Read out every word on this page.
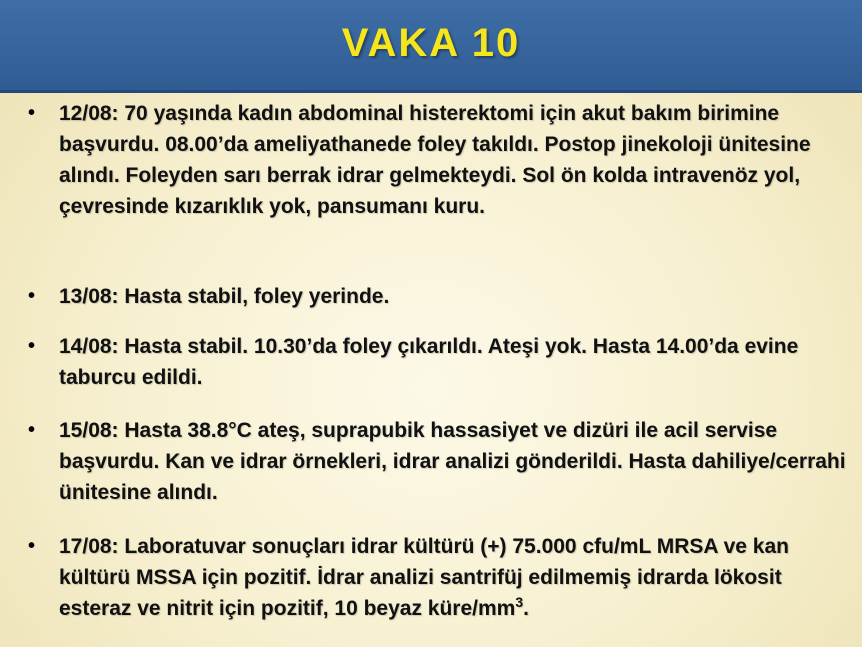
VAKA 10
• 12/08: 70 yaşında kadın abdominal histerektomi için akut bakım birimine başvurdu. 08.00’da ameliyathanede foley takıldı. Postop jinekoloji ünitesine alındı. Foleyden sarı berrak idrar gelmekteydi. Sol ön kolda intravenöz yol, çevresinde kızarıklık yok, pansumanı kuru.
• 13/08: Hasta stabil, foley yerinde.
• 14/08: Hasta stabil. 10.30’da foley çıkarıldı. Ateşi yok. Hasta 14.00’da evine taburcu edildi.
• 15/08: Hasta 38.8°C ateş, suprapubik hassasiyet ve dizüri ile acil servise başvurdu. Kan ve idrar örnekleri, idrar analizi gönderildi. Hasta dahiliye/cerrahi ünitesine alındı.
• 17/08: Laboratuvar sonuçları idrar kültürü (+) 75.000 cfu/mL MRSA ve kan kültürü MSSA için pozitif. İdrar analizi santrifüj edilmemiş idrarda lökosit esteraz ve nitrit için pozitif, 10 beyaz küre/$mm^3$.
